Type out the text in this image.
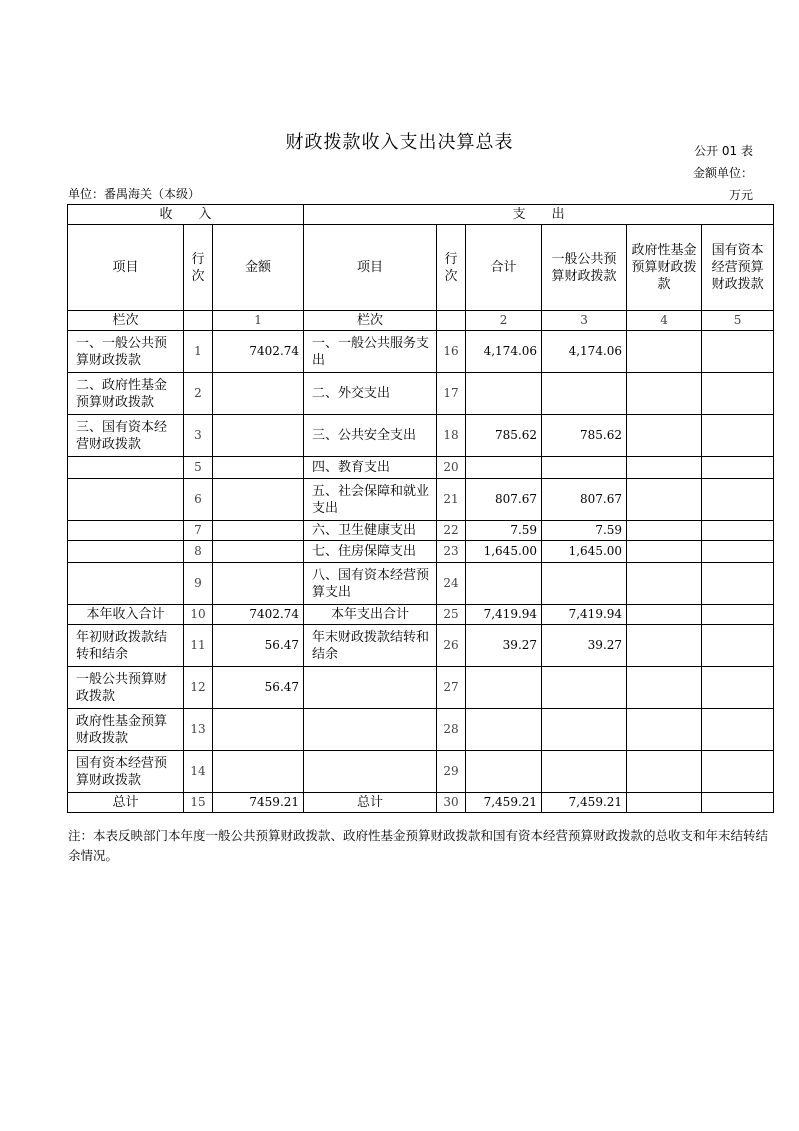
财政拨款收入支出决算总表	公开 01 表
金额单位：
单位：番禺海关（本级）	万元
收　　入			支　　出					
项目	行次	金额	项目	行次	合计	一般公共预算财政拨款	政府性基金预算财政拨款	国有资本经营预算财政拨款
栏次		1	栏次		2	3	4	5
一、一般公共预算财政拨款	1	7402.74	一、一般公共服务支出	16	4,174.06	4,174.06		
二、政府性基金预算财政拨款	2		二、外交支出	17				
三、国有资本经营财政拨款	3		三、公共安全支出	18	785.62	785.62		
	5		四、教育支出	20				
	6		五、社会保障和就业支出	21	807.67	807.67		
	7		六、卫生健康支出	22	7.59	7.59		
	8		七、住房保障支出	23	1,645.00	1,645.00		
	9		八、国有资本经营预算支出	24				
本年收入合计	10	7402.74	本年支出合计	25	7,419.94	7,419.94		
年初财政拨款结转和结余	11	56.47	年末财政拨款结转和结余	26	39.27	39.27		
一般公共预算财政拨款	12	56.47		27				
政府性基金预算财政拨款	13			28				
国有资本经营预算财政拨款	14			29				
总计	15	7459.21	总计	30	7,459.21	7,459.21		
注：本表反映部门本年度一般公共预算财政拨款、政府性基金预算财政拨款和国有资本经营预算财政拨款的总收支和年末结转结余情况。
